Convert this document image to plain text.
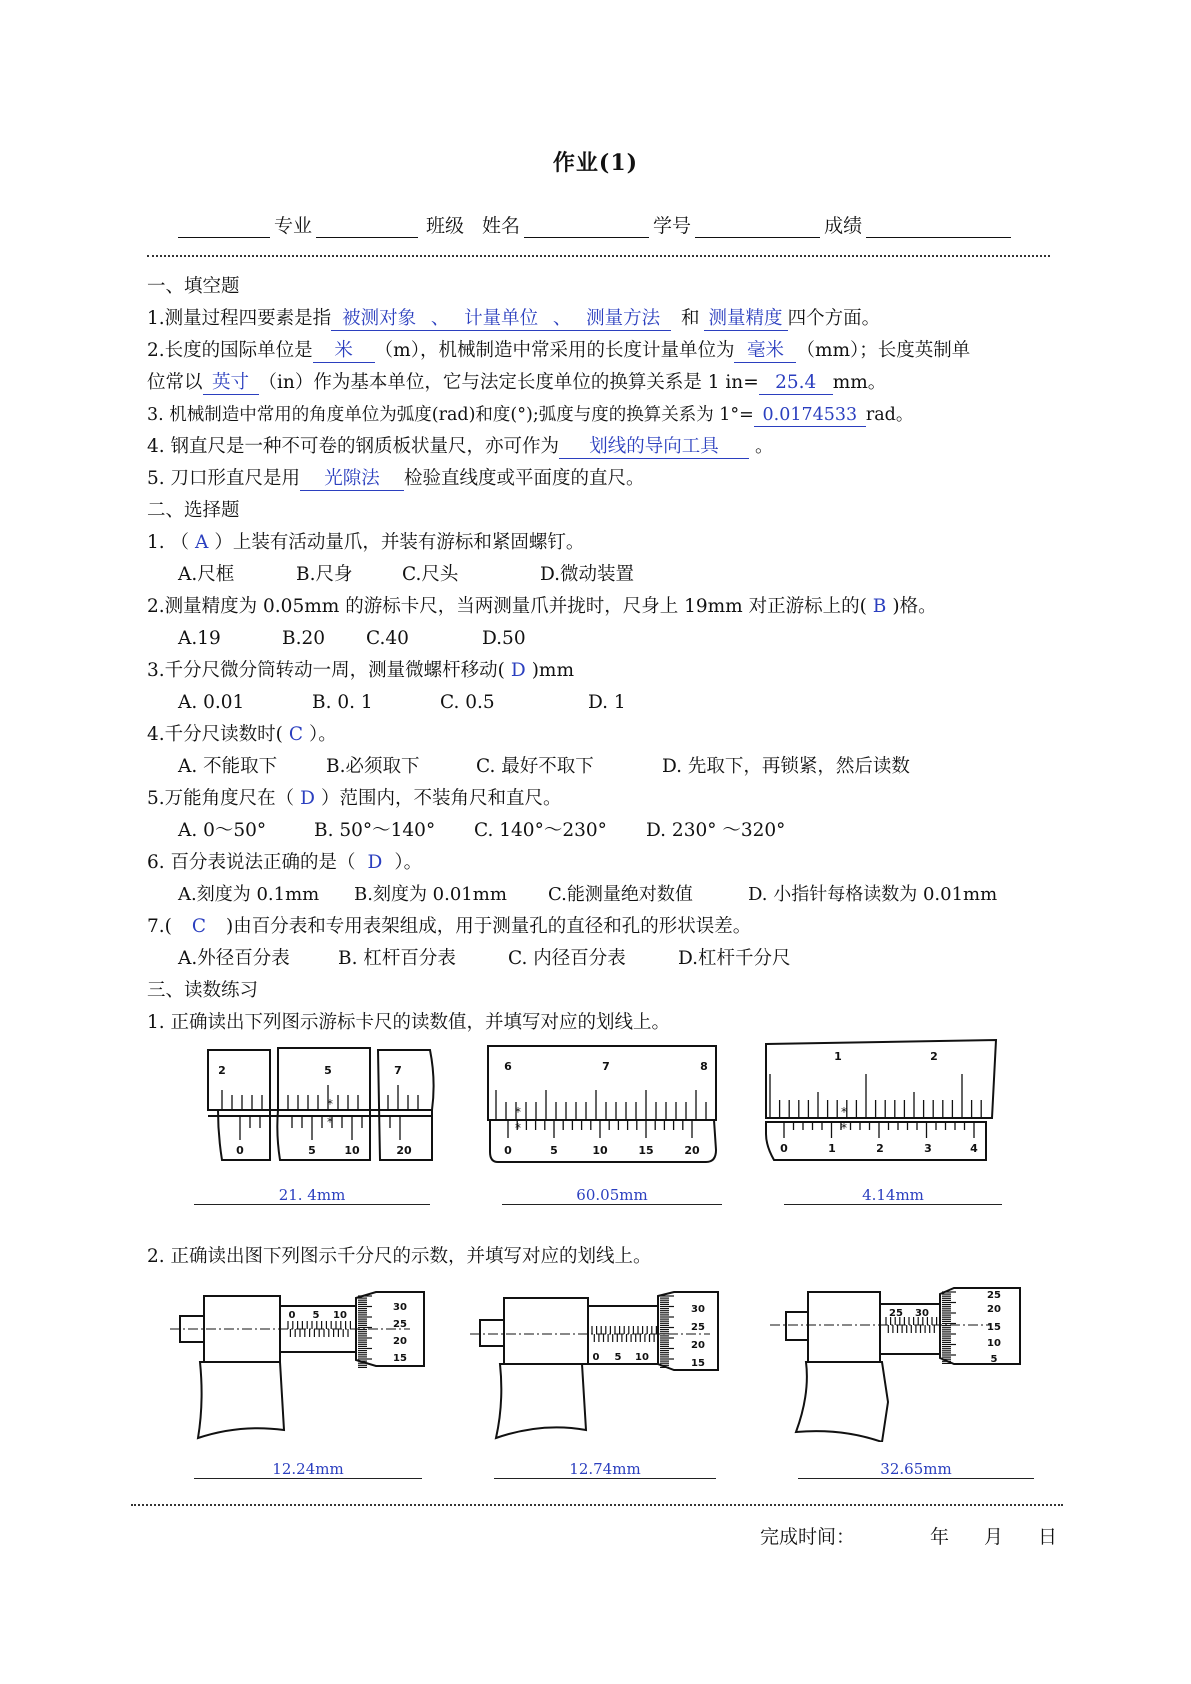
作业(1)
专业	班级 姓名	学号	成绩
一、填空题
1.测量过程四要素是指 被测对象 、 计量单位 、 测量方法 和 测量精度 四个方面。
2.长度的国际单位是 米 （m），机械制造中常采用的长度计量单位为 毫米 （mm）；长度英制单
位常以 英寸 （in）作为基本单位，它与法定长度单位的换算关系是 1 in= 25.4 mm。
3. 机械制造中常用的角度单位为弧度(rad)和度(°);弧度与度的换算关系为 1°= 0.0174533 rad。
4. 钢直尺是一种不可卷的钢质板状量尺，亦可作为 划线的导向工具 。
5. 刀口形直尺是用 光隙法 检验直线度或平面度的直尺。
二、选择题
1. （ A ）上装有活动量爪，并装有游标和紧固螺钉。
A.尺框	B.尺身	C.尺头	D.微动装置
2.测量精度为 0.05mm 的游标卡尺，当两测量爪并拢时，尺身上 19mm 对正游标上的( B )格。
A.19	B.20 C.40	D.50
3.千分尺微分筒转动一周，测量微螺杆移动( D )mm
A. 0.01	B. 0. 1	C. 0.5	D. 1
4.千分尺读数时( C ）。
A. 不能取下	B.必须取下	C. 最好不取下	D. 先取下，再锁紧，然后读数
5.万能角度尺在（ D ）范围内，不装角尺和直尺。
A. 0～50°	B. 50°～140° C. 140°～230° D. 230° ～320°
6. 百分表说法正确的是（ D ）。
A.刻度为 0.1mm B.刻度为 0.01mm C.能测量绝对数值	D. 小指针每格读数为 0.01mm
7.( C )由百分表和专用表架组成，用于测量孔的直径和孔的形状误差。
A.外径百分表	B. 杠杆百分表	C. 内径百分表	D.杠杆千分尺
三、读数练习
1. 正确读出下列图示游标卡尺的读数值，并填写对应的划线上。
*
*
2	5	7
0	5	10	20
*
*
6	7	8
0	5	10	15	20
*
*
1	2
0	1	2	3	4
21. 4mm	60.05mm	4.14mm
2. 正确读出图下列图示千分尺的示数，并填写对应的划线上。
0 5 10
30
25
20
15	0 5 10
30
25
20
15
25 30
25
20
15
10
5
12.24mm	12.74mm	32.65mm
完成时间：	年 月 日
